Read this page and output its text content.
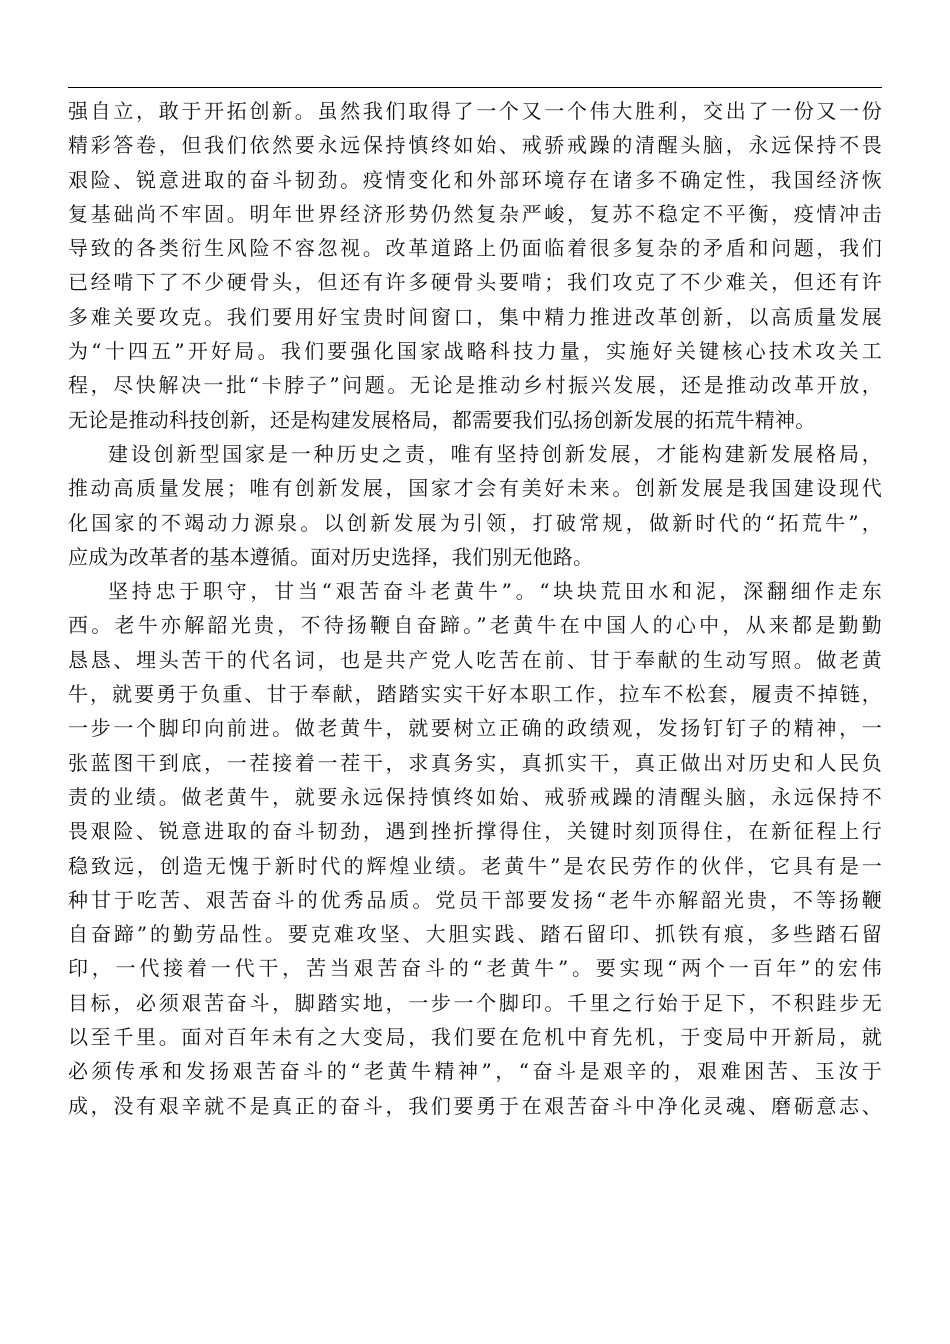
强自立，敢于开拓创新。虽然我们取得了一个又一个伟大胜利，交出了一份又一份
精彩答卷，但我们依然要永远保持慎终如始、戒骄戒躁的清醒头脑，永远保持不畏
艰险、锐意进取的奋斗韧劲。疫情变化和外部环境存在诸多不确定性，我国经济恢
复基础尚不牢固。明年世界经济形势仍然复杂严峻，复苏不稳定不平衡，疫情冲击
导致的各类衍生风险不容忽视。改革道路上仍面临着很多复杂的矛盾和问题，我们
已经啃下了不少硬骨头，但还有许多硬骨头要啃；我们攻克了不少难关，但还有许
多难关要攻克。我们要用好宝贵时间窗口，集中精力推进改革创新，以高质量发展
为“十四五”开好局。我们要强化国家战略科技力量，实施好关键核心技术攻关工
程，尽快解决一批“卡脖子”问题。无论是推动乡村振兴发展，还是推动改革开放，
无论是推动科技创新，还是构建发展格局，都需要我们弘扬创新发展的拓荒牛精神。
建设创新型国家是一种历史之责，唯有坚持创新发展，才能构建新发展格局，
推动高质量发展；唯有创新发展，国家才会有美好未来。创新发展是我国建设现代
化国家的不竭动力源泉。以创新发展为引领，打破常规，做新时代的“拓荒牛”，
应成为改革者的基本遵循。面对历史选择，我们别无他路。
坚持忠于职守，甘当“艰苦奋斗老黄牛”。“块块荒田水和泥，深翻细作走东
西。老牛亦解韶光贵，不待扬鞭自奋蹄。”老黄牛在中国人的心中，从来都是勤勤
恳恳、埋头苦干的代名词，也是共产党人吃苦在前、甘于奉献的生动写照。做老黄
牛，就要勇于负重、甘于奉献，踏踏实实干好本职工作，拉车不松套，履责不掉链，
一步一个脚印向前进。做老黄牛，就要树立正确的政绩观，发扬钉钉子的精神，一
张蓝图干到底，一茬接着一茬干，求真务实，真抓实干，真正做出对历史和人民负
责的业绩。做老黄牛，就要永远保持慎终如始、戒骄戒躁的清醒头脑，永远保持不
畏艰险、锐意进取的奋斗韧劲，遇到挫折撑得住，关键时刻顶得住，在新征程上行
稳致远，创造无愧于新时代的辉煌业绩。老黄牛”是农民劳作的伙伴，它具有是一
种甘于吃苦、艰苦奋斗的优秀品质。党员干部要发扬“老牛亦解韶光贵，不等扬鞭
自奋蹄”的勤劳品性。要克难攻坚、大胆实践、踏石留印、抓铁有痕，多些踏石留
印，一代接着一代干，苦当艰苦奋斗的“老黄牛”。要实现“两个一百年”的宏伟
目标，必须艰苦奋斗，脚踏实地，一步一个脚印。千里之行始于足下，不积跬步无
以至千里。面对百年未有之大变局，我们要在危机中育先机，于变局中开新局，就
必须传承和发扬艰苦奋斗的“老黄牛精神”，“奋斗是艰辛的，艰难困苦、玉汝于
成，没有艰辛就不是真正的奋斗，我们要勇于在艰苦奋斗中净化灵魂、磨砺意志、
